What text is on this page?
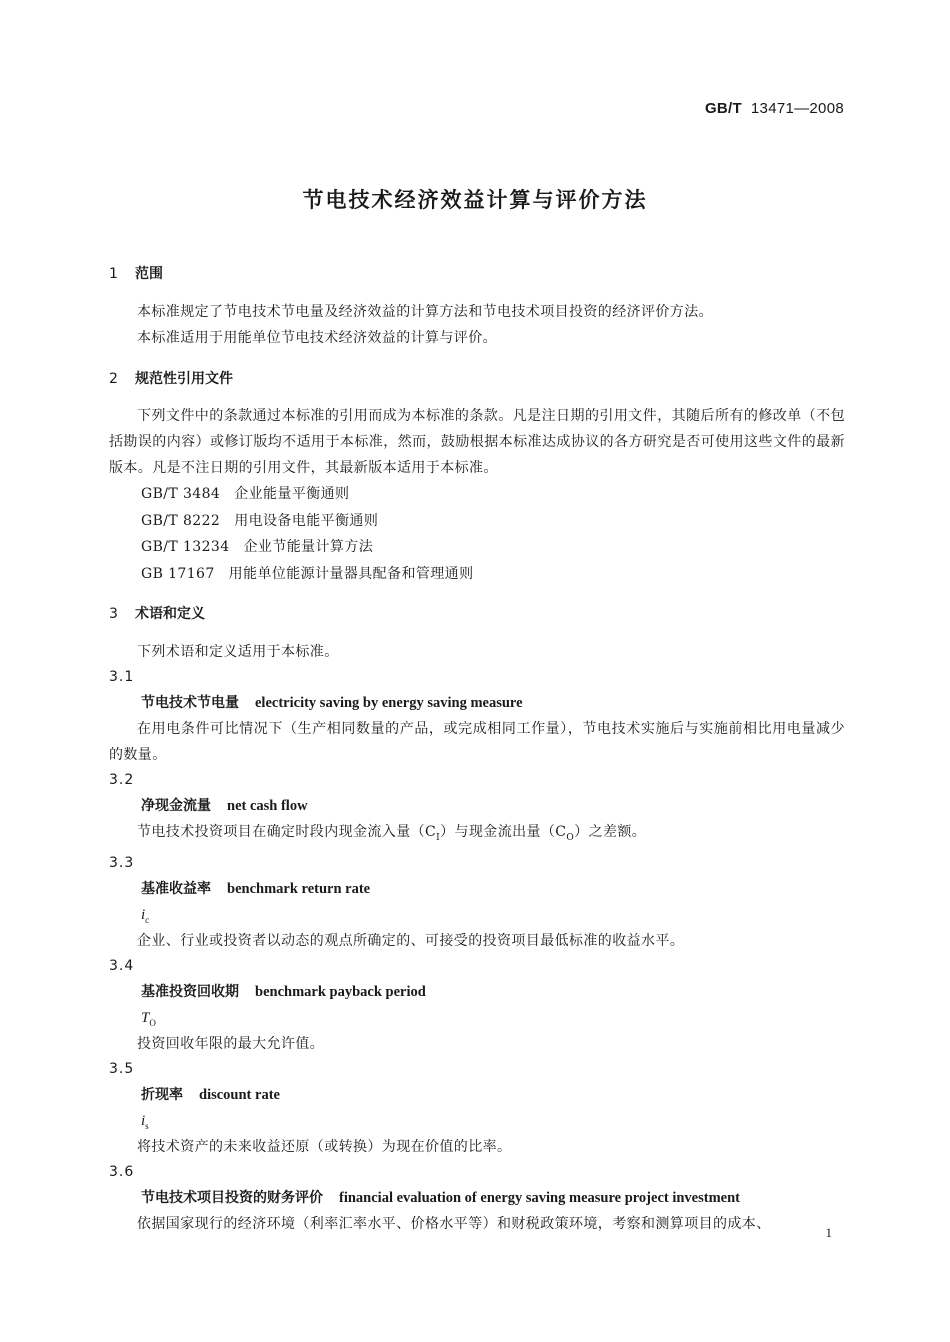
GB/T 13471—2008
节电技术经济效益计算与评价方法
1 范围
本标准规定了节电技术节电量及经济效益的计算方法和节电技术项目投资的经济评价方法。
本标准适用于用能单位节电技术经济效益的计算与评价。
2 规范性引用文件
下列文件中的条款通过本标准的引用而成为本标准的条款。凡是注日期的引用文件，其随后所有的修改单（不包括勘误的内容）或修订版均不适用于本标准，然而，鼓励根据本标准达成协议的各方研究是否可使用这些文件的最新版本。凡是不注日期的引用文件，其最新版本适用于本标准。
GB/T 3484 企业能量平衡通则
GB/T 8222 用电设备电能平衡通则
GB/T 13234 企业节能量计算方法
GB 17167 用能单位能源计量器具配备和管理通则
3 术语和定义
下列术语和定义适用于本标准。
3.1
节电技术节电量 electricity saving by energy saving measure
在用电条件可比情况下（生产相同数量的产品，或完成相同工作量），节电技术实施后与实施前相比用电量减少的数量。
3.2
净现金流量 net cash flow
节电技术投资项目在确定时段内现金流入量$(C_I)$与现金流出量$(C_O)$之差额。
3.3
基准收益率 benchmark return rate
$i_c$
企业、行业或投资者以动态的观点所确定的、可接受的投资项目最低标准的收益水平。
3.4
基准投资回收期 benchmark payback period
$T_O$
投资回收年限的最大允许值。
3.5
折现率 discount rate
$i_s$
将技术资产的未来收益还原（或转换）为现在价值的比率。
3.6
节电技术项目投资的财务评价 financial evaluation of energy saving measure project investment
依据国家现行的经济环境（利率汇率水平、价格水平等）和财税政策环境，考察和测算项目的成本、
1
